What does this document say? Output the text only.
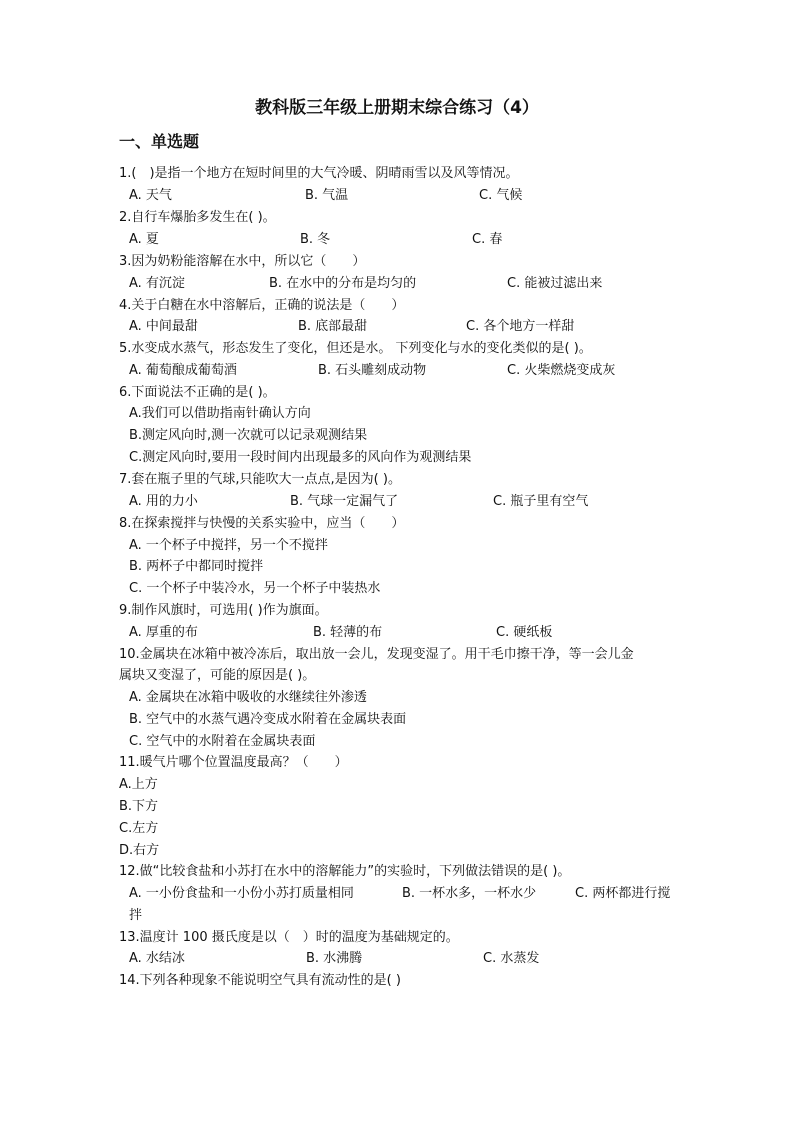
教科版三年级上册期末综合练习（4）
一、单选题
1.(　)是指一个地方在短时间里的大气冷暖、阴晴雨雪以及风等情况。
A. 天气	B. 气温	C. 气候
2.自行车爆胎多发生在( )。
A. 夏	B. 冬	C. 春
3.因为奶粉能溶解在水中，所以它（　　）
A. 有沉淀	B. 在水中的分布是均匀的	C. 能被过滤出来
4.关于白糖在水中溶解后，正确的说法是（　　）
A. 中间最甜	B. 底部最甜	C. 各个地方一样甜
5.水变成水蒸气，形态发生了变化，但还是水。 下列变化与水的变化类似的是( )。
A. 葡萄酿成葡萄酒	B. 石头雕刻成动物	C. 火柴燃烧变成灰
6.下面说法不正确的是( )。
A.我们可以借助指南针确认方向
B.测定风向时,测一次就可以记录观测结果
C.测定风向时,要用一段时间内出现最多的风向作为观测结果
7.套在瓶子里的气球,只能吹大一点点,是因为( )。
A. 用的力小	B. 气球一定漏气了	C. 瓶子里有空气
8.在探索搅拌与快慢的关系实验中，应当（　　）
A. 一个杯子中搅拌，另一个不搅拌
B. 两杯子中都同时搅拌
C. 一个杯子中装冷水，另一个杯子中装热水
9.制作风旗时，可选用( )作为旗面。
A. 厚重的布	B. 轻薄的布	C. 硬纸板
10.金属块在冰箱中被冷冻后，取出放一会儿，发现变湿了。用干毛巾擦干净，等一会儿金
属块又变湿了，可能的原因是( )。
A. 金属块在冰箱中吸收的水继续往外渗透
B. 空气中的水蒸气遇冷变成水附着在金属块表面
C. 空气中的水附着在金属块表面
11.暖气片哪个位置温度最高？（　　）
A.上方
B.下方
C.左方
D.右方
12.做“比较食盐和小苏打在水中的溶解能力”的实验时，下列做法错误的是( )。
A. 一小份食盐和一小份小苏打质量相同	B. 一杯水多，一杯水少	C. 两杯都进行搅
拌
13.温度计 100 摄氏度是以（　）时的温度为基础规定的。
A. 水结冰	B. 水沸腾	C. 水蒸发
14.下列各种现象不能说明空气具有流动性的是( )
